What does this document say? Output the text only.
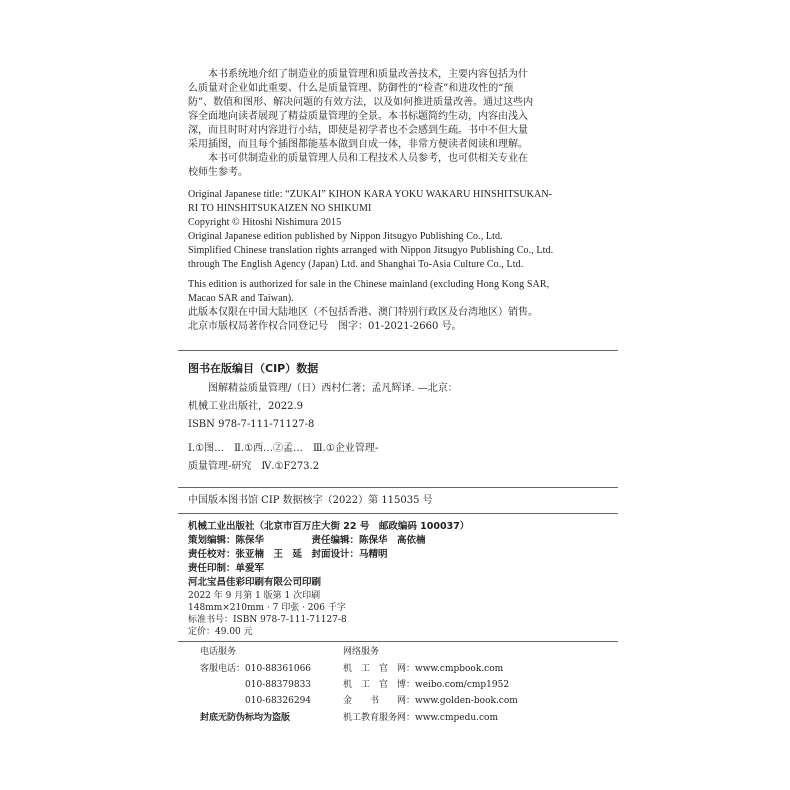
本书系统地介绍了制造业的质量管理和质量改善技术，主要内容包括为什
么质量对企业如此重要、什么是质量管理、防御性的“检查”和进攻性的“预
防”、数值和图形、解决问题的有效方法，以及如何推进质量改善。通过这些内
容全面地向读者展现了精益质量管理的全景。本书标题简约生动，内容由浅入
深，而且时时对内容进行小结，即使是初学者也不会感到生疏。书中不但大量
采用插图，而且每个插图都能基本做到自成一体，非常方便读者阅读和理解。
本书可供制造业的质量管理人员和工程技术人员参考，也可供相关专业在
校师生参考。
Original Japanese title: “ZUKAI” KIHON KARA YOKU WAKARU HINSHITSUKAN-
RI TO HINSHITSUKAIZEN NO SHIKUMI
Copyright © Hitoshi Nishimura 2015
Original Japanese edition published by Nippon Jitsugyo Publishing Co., Ltd.
Simplified Chinese translation rights arranged with Nippon Jitsugyo Publishing Co., Ltd.
through The English Agency (Japan) Ltd. and Shanghai To-Asia Culture Co., Ltd.
This edition is authorized for sale in the Chinese mainland (excluding Hong Kong SAR,
Macao SAR and Taiwan).
此版本仅限在中国大陆地区（不包括香港、澳门特别行政区及台湾地区）销售。
北京市版权局著作权合同登记号　图字：01-2021-2660 号。
图书在版编目（CIP）数据
图解精益质量管理/（日）西村仁著；孟凡辉译. —北京：
机械工业出版社，2022.9
ISBN 978-7-111-71127-8
Ⅰ.①图…　Ⅱ.①西…②孟…　Ⅲ.①企业管理-
质量管理-研究　Ⅳ.①F273.2
中国版本图书馆 CIP 数据核字（2022）第 115035 号
机械工业出版社（北京市百万庄大街 22 号　邮政编码 100037）
策划编辑：陈保华　　　　　责任编辑：陈保华　高依楠
责任校对：张亚楠　王　延　封面设计：马精明
责任印制：单爱军
河北宝昌佳彩印刷有限公司印刷
2022 年 9 月第 1 版第 1 次印刷
148mm×210mm · 7 印张 · 206 千字
标准书号：ISBN 978-7-111-71127-8
定价：49.00 元
电话服务	网络服务
客服电话：010-88361066	机　工　官　网：www.cmpbook.com
　　　　　010-88379833	机　工　官　博：weibo.com/cmp1952
　　　　　010-68326294	金　　书　　网：www.golden-book.com
封底无防伪标均为盗版	机工教育服务网：www.cmpedu.com
